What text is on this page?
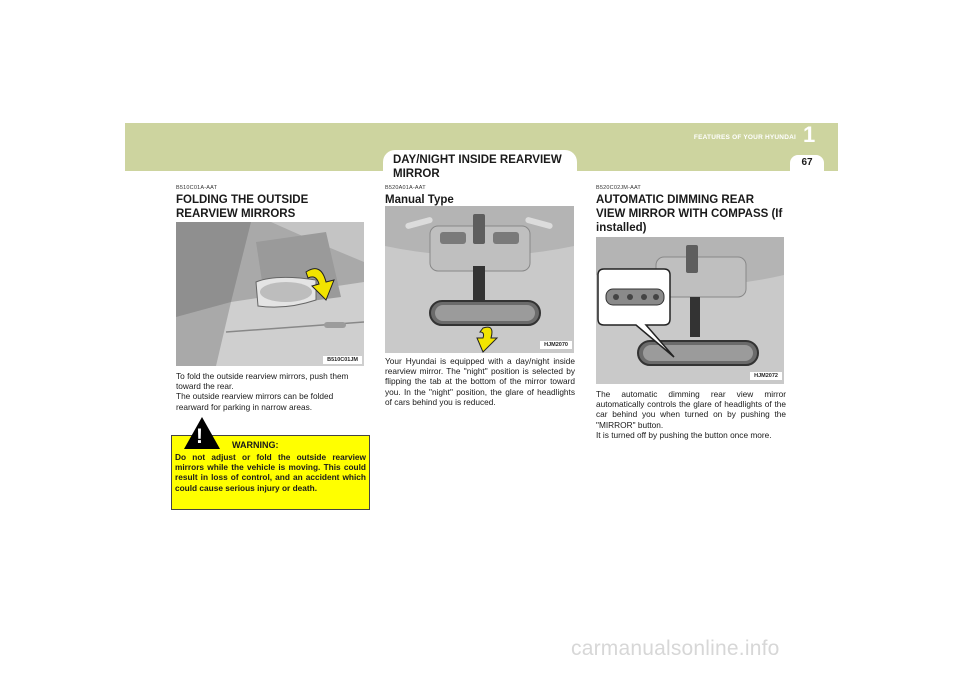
FEATURES OF YOUR HYUNDAI 1
67
DAY/NIGHT INSIDE REARVIEW MIRROR
B510C01A-AAT
FOLDING THE OUTSIDE REARVIEW MIRRORS
B510C01JM
To fold the outside rearview mirrors, push them toward the rear.
The outside rearview mirrors can be folded rearward for parking in narrow areas.
!	WARNING:
Do not adjust or fold the outside rearview mirrors while the vehicle is moving. This could result in loss of control, and an accident which could cause serious injury or death.
B520A01A-AAT
Manual Type
HJM2070
Your Hyundai is equipped with a day/night inside rearview mirror. The "night" position is selected by flipping the tab at the bottom of the mirror toward you. In the "night" position, the glare of headlights of cars behind you is reduced.
B520C02JM-AAT
AUTOMATIC DIMMING REAR VIEW MIRROR WITH COMPASS (If installed)
HJM2072
The automatic dimming rear view mirror automatically controls the glare of headlights of the car behind you when turned on by pushing the "MIRROR" button.
It is turned off by pushing the button once more.
carmanualsonline.info
